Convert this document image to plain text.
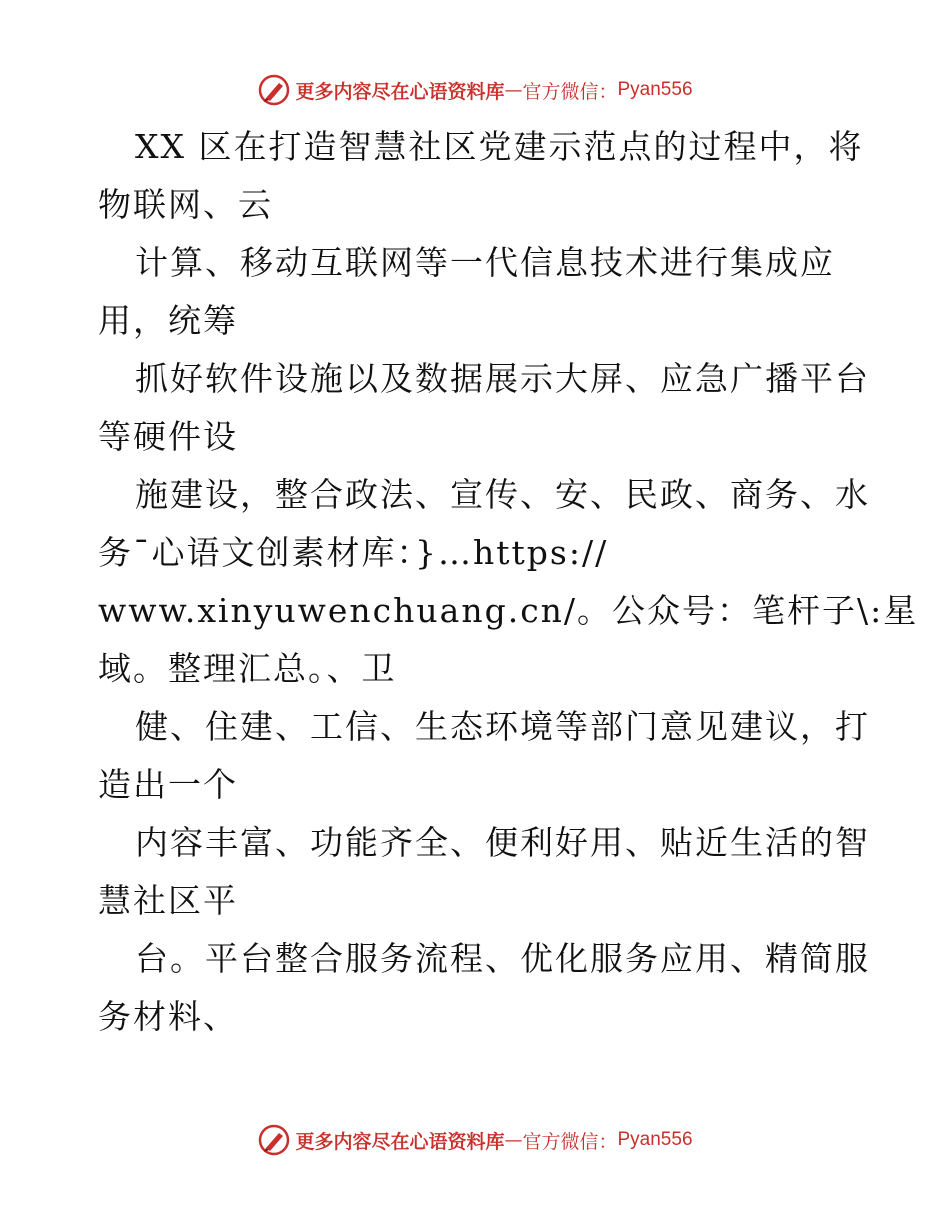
更多内容尽在心语资料库 — 官方微信： Pyan556
XX 区在打造智慧社区党建示范点的过程中，将
物联网、云
计算、移动互联网等一代信息技术进行集成应
用，统筹
抓好软件设施以及数据展示大屏、应急广播平台
等硬件设
施建设，整合政法、宣传、安、民政、商务、水
务¯心语文创素材库：}…https://
www.xinyuwenchuang.cn/。公众号：笔杆子\:星
域。整理汇总。、卫
健、住建、工信、生态环境等部门意见建议，打
造出一个
内容丰富、功能齐全、便利好用、贴近生活的智
慧社区平
台。平台整合服务流程、优化服务应用、精简服
务材料、
更多内容尽在心语资料库 — 官方微信： Pyan556
